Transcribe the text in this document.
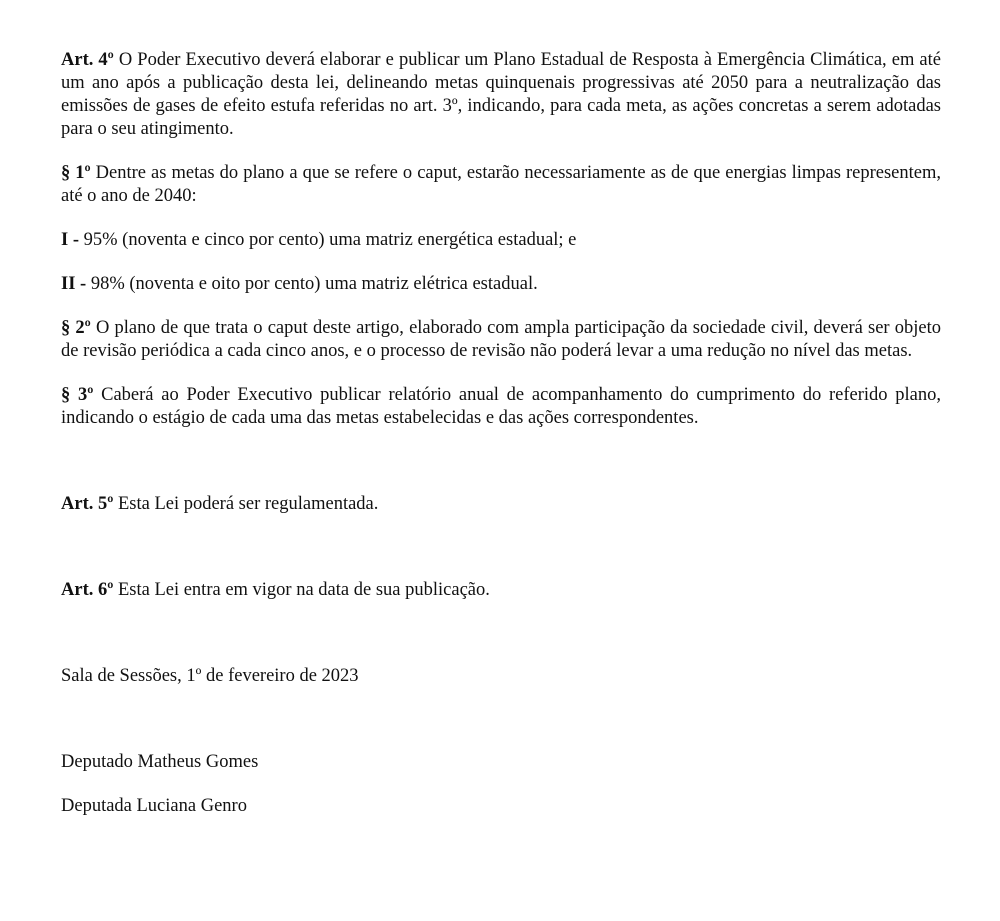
Art. 4º O Poder Executivo deverá elaborar e publicar um Plano Estadual de Resposta à Emergência Climática, em até um ano após a publicação desta lei, delineando metas quinquenais progressivas até 2050 para a neutralização das emissões de gases de efeito estufa referidas no art. 3º, indicando, para cada meta, as ações concretas a serem adotadas para o seu atingimento.

§ 1º Dentre as metas do plano a que se refere o caput, estarão necessariamente as de que energias limpas representem, até o ano de 2040:

I - 95% (noventa e cinco por cento) uma matriz energética estadual; e

II - 98% (noventa e oito por cento) uma matriz elétrica estadual.

§ 2º O plano de que trata o caput deste artigo, elaborado com ampla participação da sociedade civil, deverá ser objeto de revisão periódica a cada cinco anos, e o processo de revisão não poderá levar a uma redução no nível das metas.

§ 3º Caberá ao Poder Executivo publicar relatório anual de acompanhamento do cumprimento do referido plano, indicando o estágio de cada uma das metas estabelecidas e das ações correspondentes.

Art. 5º Esta Lei poderá ser regulamentada.

Art. 6º Esta Lei entra em vigor na data de sua publicação.

Sala de Sessões, 1º de fevereiro de 2023

Deputado Matheus Gomes

Deputada Luciana Genro
